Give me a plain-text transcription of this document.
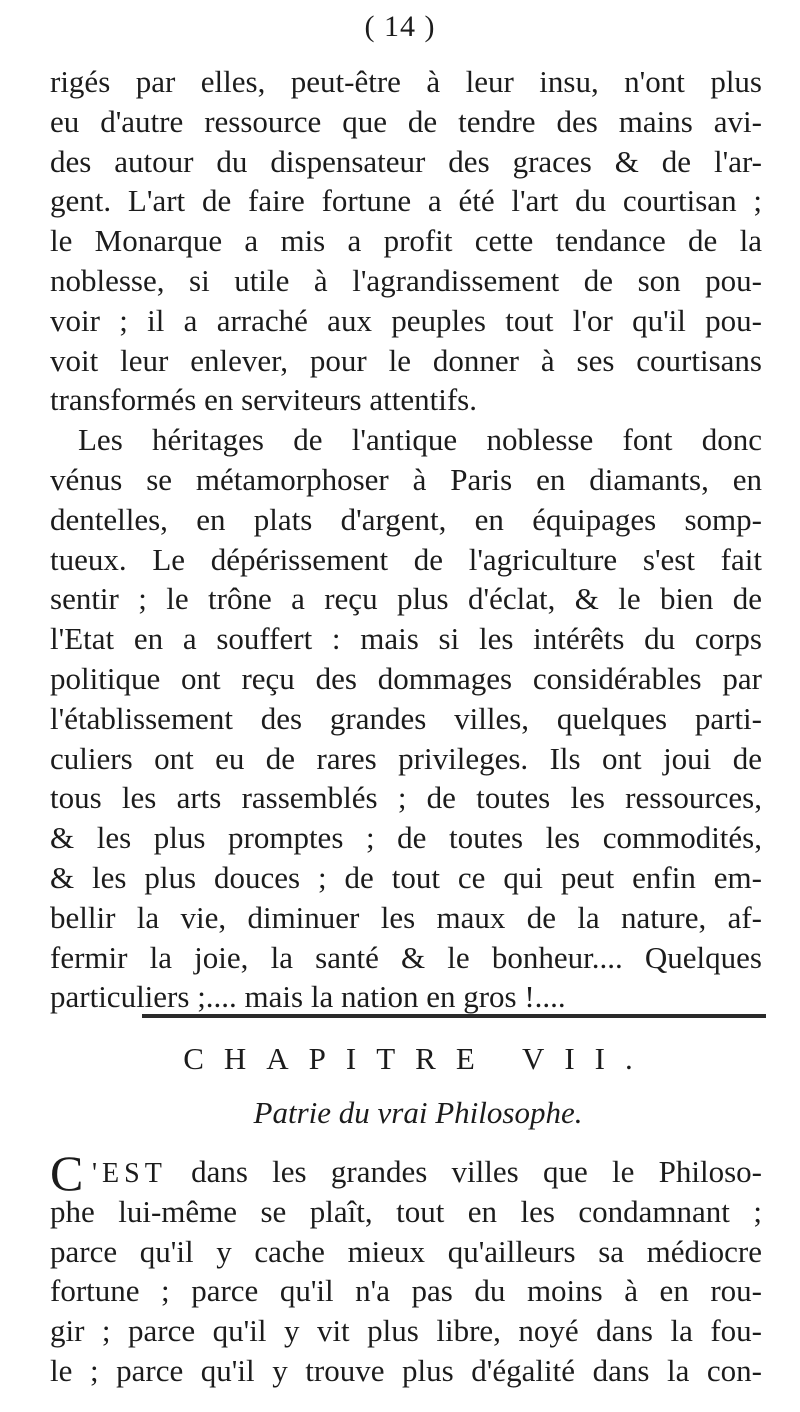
( 14 )
rigés par elles, peut-être à leur insu, n'ont plus
eu d'autre ressource que de tendre des mains avi-
des autour du dispensateur des graces & de l'ar-
gent. L'art de faire fortune a été l'art du courtisan ;
le Monarque a mis a profit cette tendance de la
noblesse, si utile à l'agrandissement de son pou-
voir ; il a arraché aux peuples tout l'or qu'il pou-
voit leur enlever, pour le donner à ses courtisans
transformés en serviteurs attentifs.
Les héritages de l'antique noblesse font donc
vénus se métamorphoser à Paris en diamants, en
dentelles, en plats d'argent, en équipages somp-
tueux. Le dépérissement de l'agriculture s'est fait
sentir ; le trône a reçu plus d'éclat, & le bien de
l'Etat en a souffert : mais si les intérêts du corps
politique ont reçu des dommages considérables par
l'établissement des grandes villes, quelques parti-
culiers ont eu de rares privileges. Ils ont joui de
tous les arts rassemblés ; de toutes les ressources,
& les plus promptes ; de toutes les commodités,
& les plus douces ; de tout ce qui peut enfin em-
bellir la vie, diminuer les maux de la nature, af-
fermir la joie, la santé & le bonheur.... Quelques
particuliers ;.... mais la nation en gros !....
CHAPITRE VII.
Patrie du vrai Philosophe.
C 'EST dans les grandes villes que le Philoso-
phe lui-même se plaît, tout en les condamnant ;
parce qu'il y cache mieux qu'ailleurs sa médiocre
fortune ; parce qu'il n'a pas du moins à en rou-
gir ; parce qu'il y vit plus libre, noyé dans la fou-
le ; parce qu'il y trouve plus d'égalité dans la con-
